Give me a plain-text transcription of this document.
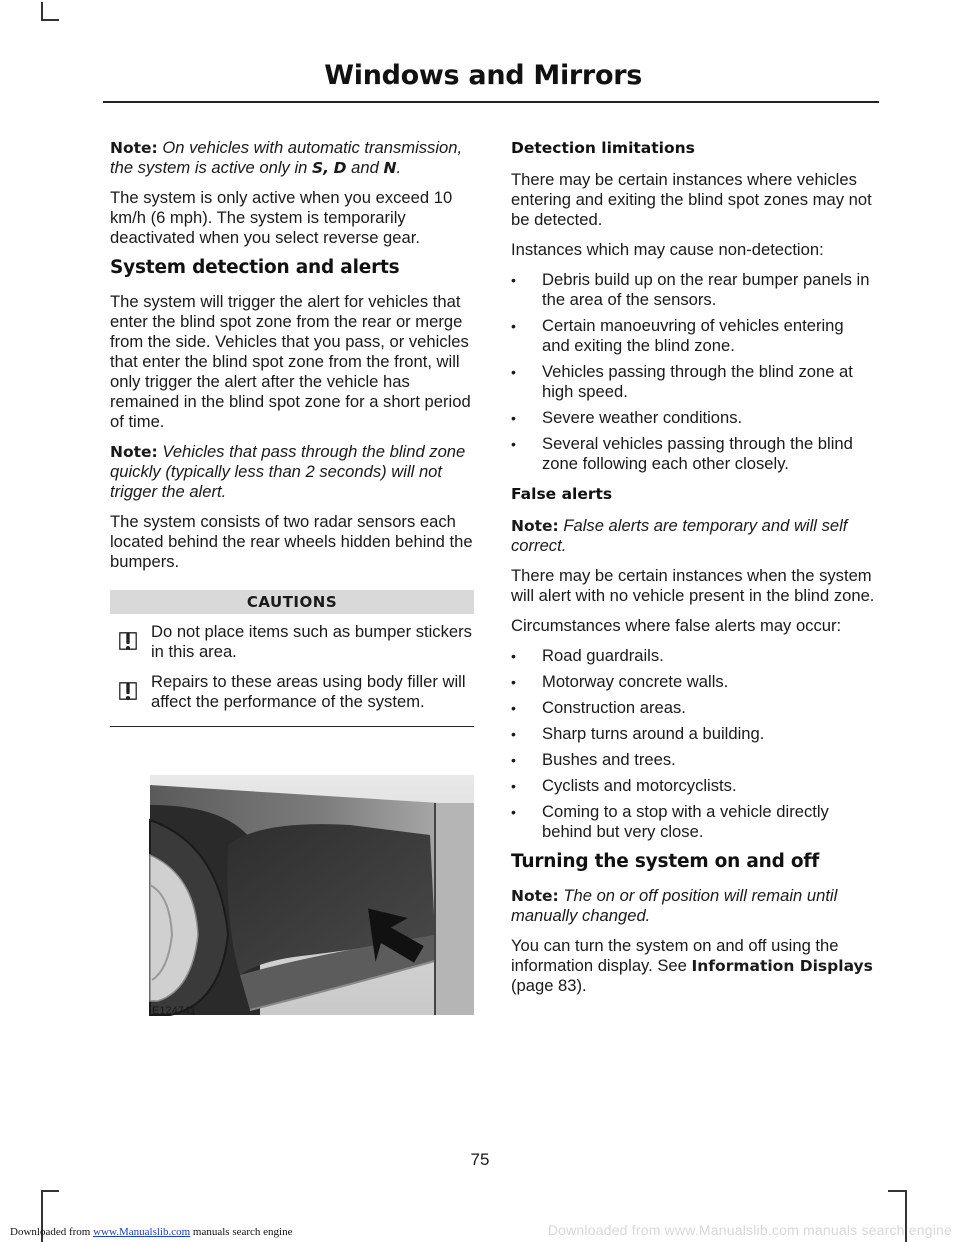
Windows and Mirrors

Note: On vehicles with automatic transmission, the system is active only in S, D and N.

The system is only active when you exceed 10 km/h (6 mph). The system is temporarily deactivated when you select reverse gear.

System detection and alerts

The system will trigger the alert for vehicles that enter the blind spot zone from the rear or merge from the side. Vehicles that you pass, or vehicles that enter the blind spot zone from the front, will only trigger the alert after the vehicle has remained in the blind spot zone for a short period of time.

Note: Vehicles that pass through the blind zone quickly (typically less than 2 seconds) will not trigger the alert.

The system consists of two radar sensors each located behind the rear wheels hidden behind the bumpers.

CAUTIONS
Do not place items such as bumper stickers in this area.
Repairs to these areas using body filler will affect the performance of the system.
E124741
Detection limitations

There may be certain instances where vehicles entering and exiting the blind spot zones may not be detected.

Instances which may cause non-detection:

• Debris build up on the rear bumper panels in the area of the sensors.
• Certain manoeuvring of vehicles entering and exiting the blind zone.
• Vehicles passing through the blind zone at high speed.
• Severe weather conditions.
• Several vehicles passing through the blind zone following each other closely.
False alerts

Note: False alerts are temporary and will self correct.

There may be certain instances when the system will alert with no vehicle present in the blind zone.

Circumstances where false alerts may occur:

• Road guardrails.
• Motorway concrete walls.
• Construction areas.
• Sharp turns around a building.
• Bushes and trees.
• Cyclists and motorcyclists.
• Coming to a stop with a vehicle directly behind but very close.
Turning the system on and off

Note: The on or off position will remain until manually changed.

You can turn the system on and off using the information display. See Information Displays (page 83).

75
Downloaded from www.Manualslib.com manuals search engine	Downloaded from www.Manualslib.com manuals search engine
